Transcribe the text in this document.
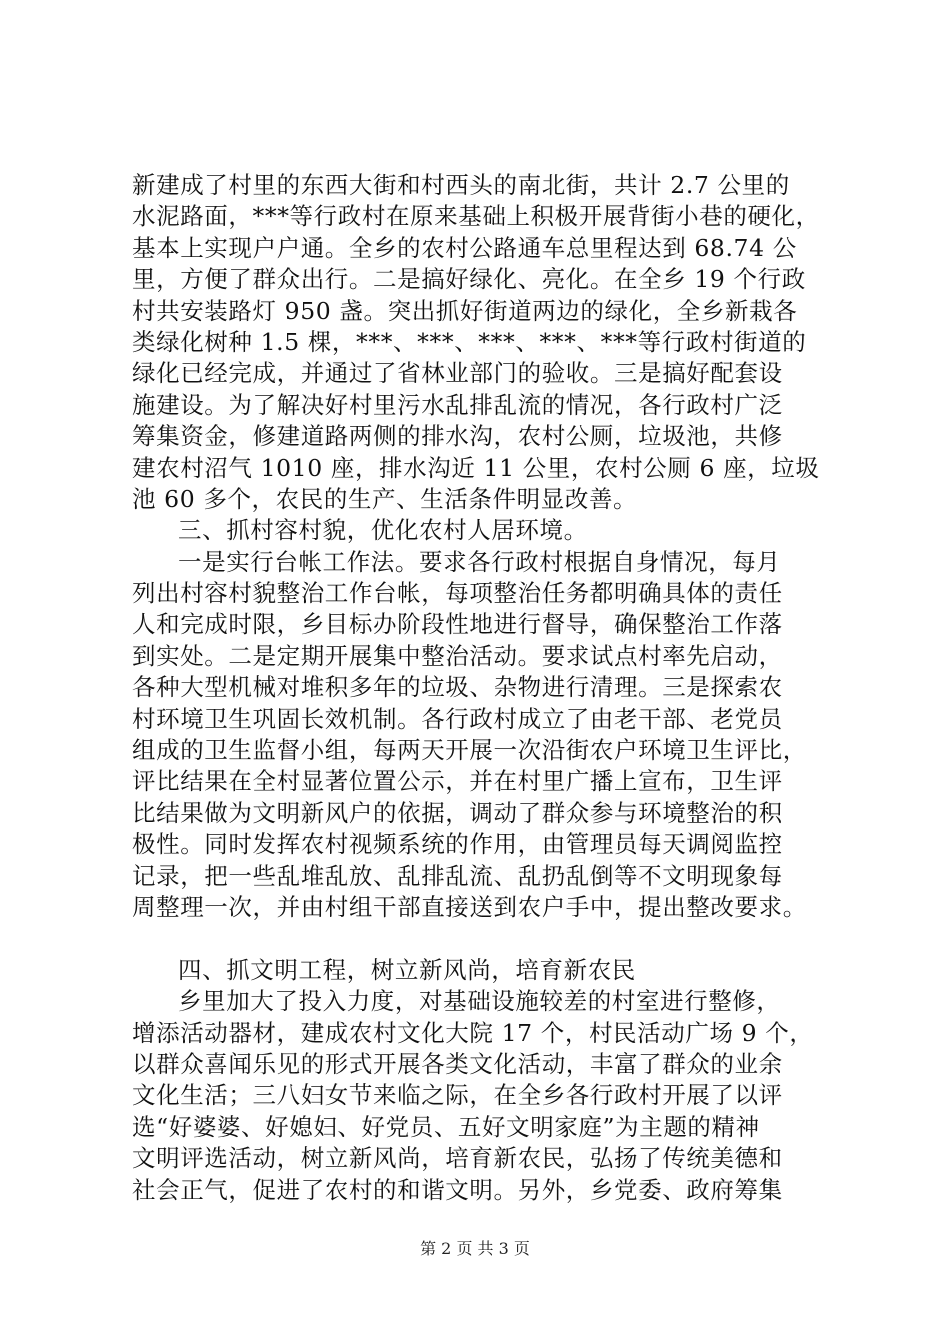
新建成了村里的东西大街和村西头的南北街，共计 2.7 公里的
水泥路面，***等行政村在原来基础上积极开展背街小巷的硬化，
基本上实现户户通。全乡的农村公路通车总里程达到 68.74 公
里，方便了群众出行。二是搞好绿化、亮化。在全乡 19 个行政
村共安装路灯 950 盏。突出抓好街道两边的绿化，全乡新栽各
类绿化树种 1.5 棵，***、***、***、***、***等行政村街道的
绿化已经完成，并通过了省林业部门的验收。三是搞好配套设
施建设。为了解决好村里污水乱排乱流的情况，各行政村广泛
筹集资金，修建道路两侧的排水沟，农村公厕，垃圾池，共修
建农村沼气 1010 座，排水沟近 11 公里，农村公厕 6 座，垃圾
池 60 多个，农民的生产、生活条件明显改善。
三、抓村容村貌，优化农村人居环境。
一是实行台帐工作法。要求各行政村根据自身情况，每月
列出村容村貌整治工作台帐，每项整治任务都明确具体的责任
人和完成时限，乡目标办阶段性地进行督导，确保整治工作落
到实处。二是定期开展集中整治活动。要求试点村率先启动，
各种大型机械对堆积多年的垃圾、杂物进行清理。三是探索农
村环境卫生巩固长效机制。各行政村成立了由老干部、老党员
组成的卫生监督小组，每两天开展一次沿街农户环境卫生评比，
评比结果在全村显著位置公示，并在村里广播上宣布，卫生评
比结果做为文明新风户的依据，调动了群众参与环境整治的积
极性。同时发挥农村视频系统的作用，由管理员每天调阅监控
记录，把一些乱堆乱放、乱排乱流、乱扔乱倒等不文明现象每
周整理一次，并由村组干部直接送到农户手中，提出整改要求。
四、抓文明工程，树立新风尚，培育新农民
乡里加大了投入力度，对基础设施较差的村室进行整修，
增添活动器材，建成农村文化大院 17 个，村民活动广场 9 个，
以群众喜闻乐见的形式开展各类文化活动，丰富了群众的业余
文化生活；三八妇女节来临之际，在全乡各行政村开展了以评
选“好婆婆、好媳妇、好党员、五好文明家庭”为主题的精神
文明评选活动，树立新风尚，培育新农民，弘扬了传统美德和
社会正气，促进了农村的和谐文明。另外，乡党委、政府筹集
第 2 页 共 3 页
